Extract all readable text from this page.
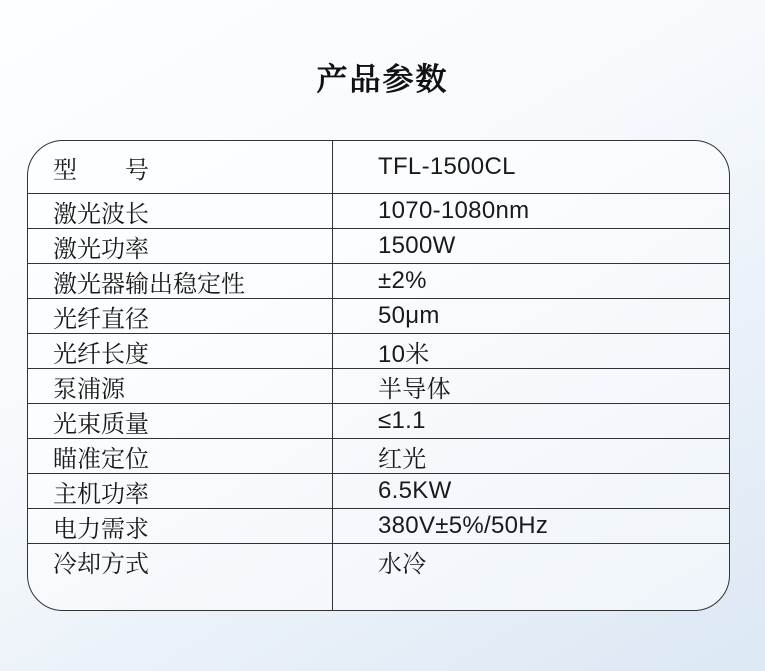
产品参数
型　　号	TFL-1500CL
激光波长	1070-1080nm
激光功率	1500W
激光器输出稳定性	±2%
光纤直径	50μm
光纤长度	10米
泵浦源	半导体
光束质量	≤1.1
瞄准定位	红光
主机功率	6.5KW
电力需求	380V±5%/50Hz
冷却方式	水冷
